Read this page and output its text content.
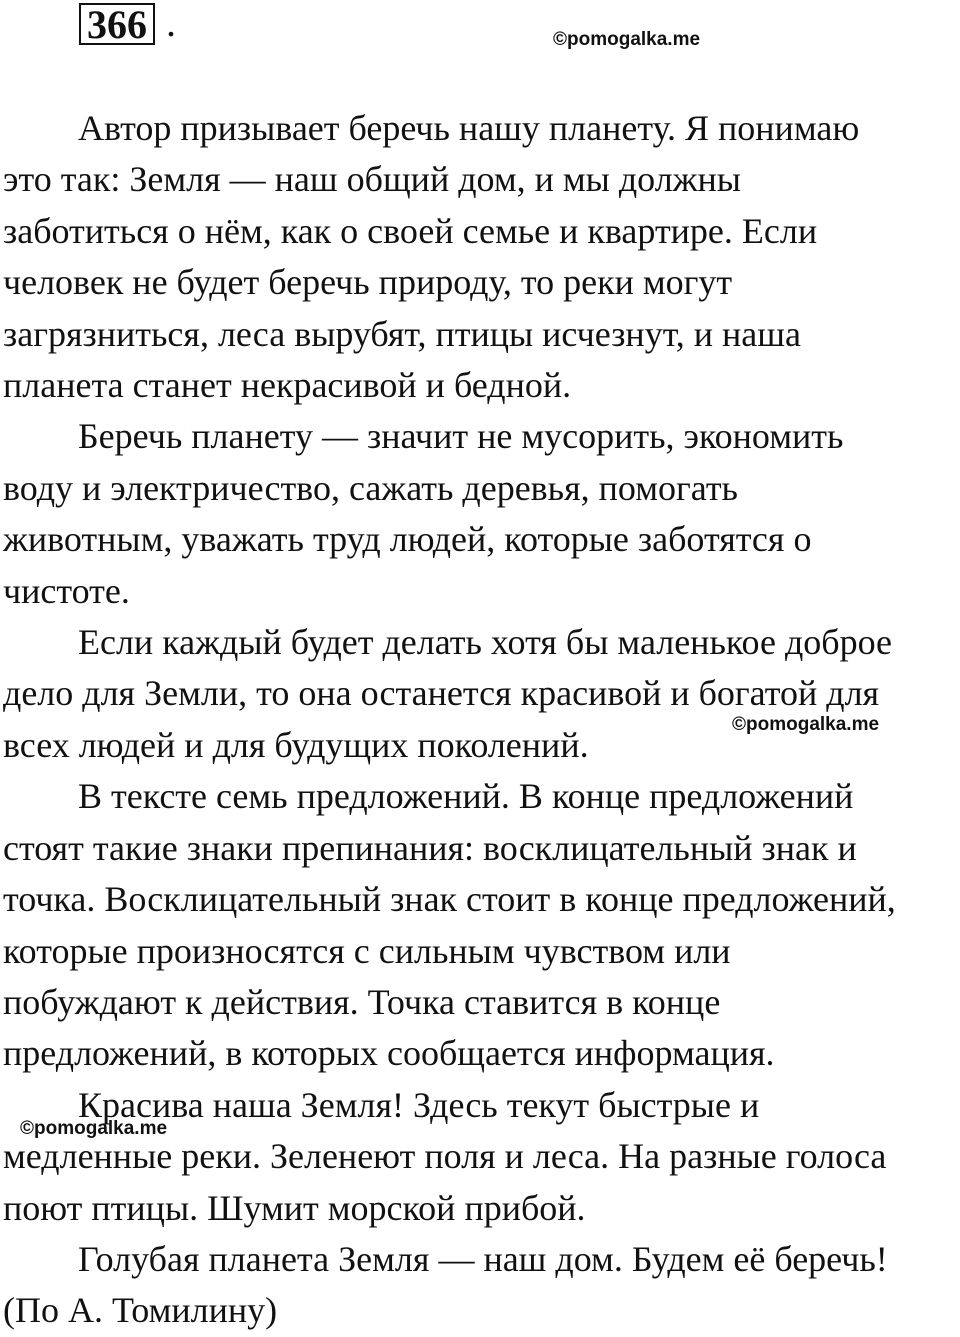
366 .	©pomogalka.me

Автор призывает беречь нашу планету. Я понимаю
это так: Земля — наш общий дом, и мы должны
заботиться о нём, как о своей семье и квартире. Если
человек не будет беречь природу, то реки могут
загрязниться, леса вырубят, птицы исчезнут, и наша
планета станет некрасивой и бедной.

Беречь планету — значит не мусорить, экономить
воду и электричество, сажать деревья, помогать
животным, уважать труд людей, которые заботятся о
чистоте.

Если каждый будет делать хотя бы маленькое доброе
дело для Земли, то она останется красивой и богатой для
всех людей и для будущих поколений.

В тексте семь предложений. В конце предложений
стоят такие знаки препинания: восклицательный знак и
точка. Восклицательный знак стоит в конце предложений,
которые произносятся с сильным чувством или
побуждают к действия. Точка ставится в конце
предложений, в которых сообщается информация.

Красива наша Земля! Здесь текут быстрые и
медленные реки. Зеленеют поля и леса. На разные голоса
поют птицы. Шумит морской прибой.

Голубая планета Земля — наш дом. Будем её беречь!
(По А. Томилину)

©pomogalka.me
©pomogalka.me
